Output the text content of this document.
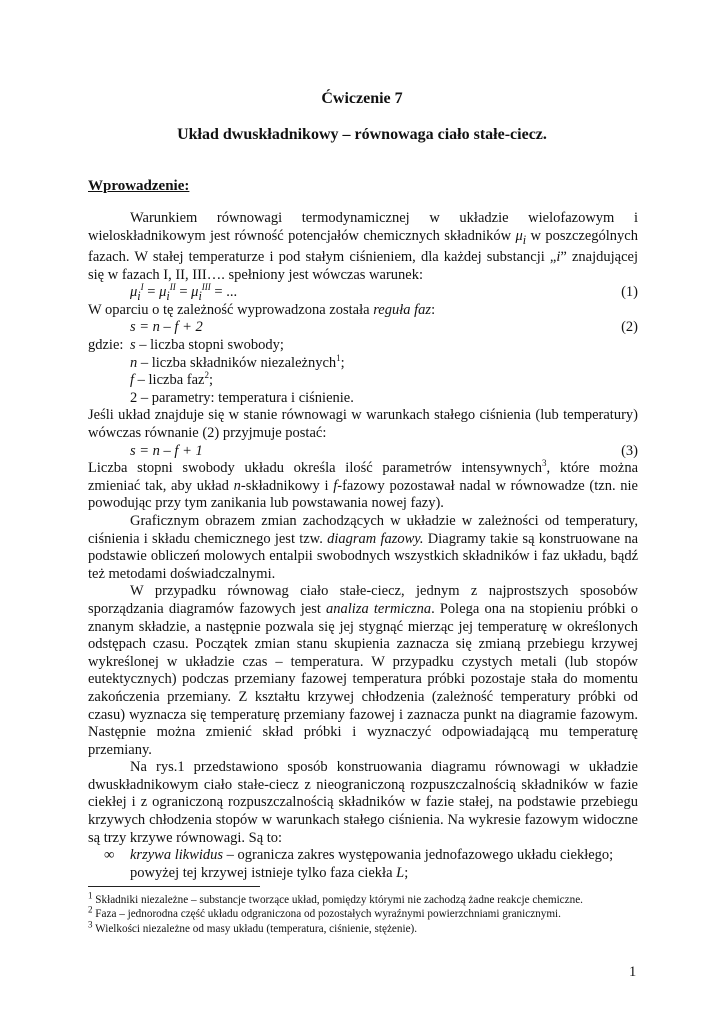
Ćwiczenie 7
Układ dwuskładnikowy – równowaga ciało stałe-ciecz.
Wprowadzenie:

Warunkiem równowagi termodynamicznej w układzie wielofazowym i wieloskładnikowym jest równość potencjałów chemicznych składników $\mu_i$ w poszczególnych fazach. W stałej temperaturze i pod stałym ciśnieniem, dla każdej substancji „i” znajdującej się w fazach I, II, III…. spełniony jest wówczas warunek:

$\mu_i^I = \mu_i^{II} = \mu_i^{III}$ = ...	(1)

W oparciu o tę zależność wyprowadzona została reguła faz:

s = n – f + 2	(2)
gdzie: s – liczba stopni swobody;
n – liczba składników niezależnych$^1$;
f – liczba faz$^2$;
2 – parametry: temperatura i ciśnienie.

Jeśli układ znajduje się w stanie równowagi w warunkach stałego ciśnienia (lub temperatury) wówczas równanie (2) przyjmuje postać:

s = n – f + 1	(3)

Liczba stopni swobody układu określa ilość parametrów intensywnych$^3$, które można zmieniać tak, aby układ n-składnikowy i f-fazowy pozostawał nadal w równowadze (tzn. nie powodując przy tym zanikania lub powstawania nowej fazy).

Graficznym obrazem zmian zachodzących w układzie w zależności od temperatury, ciśnienia i składu chemicznego jest tzw. diagram fazowy. Diagramy takie są konstruowane na podstawie obliczeń molowych entalpii swobodnych wszystkich składników i faz układu, bądź też metodami doświadczalnymi.

W przypadku równowag ciało stałe-ciecz, jednym z najprostszych sposobów sporządzania diagramów fazowych jest analiza termiczna. Polega ona na stopieniu próbki o znanym składzie, a następnie pozwala się jej stygnąć mierząc jej temperaturę w określonych odstępach czasu. Początek zmian stanu skupienia zaznacza się zmianą przebiegu krzywej wykreślonej w układzie czas – temperatura. W przypadku czystych metali (lub stopów eutektycznych) podczas przemiany fazowej temperatura próbki pozostaje stała do momentu zakończenia przemiany. Z kształtu krzywej chłodzenia (zależność temperatury próbki od czasu) wyznacza się temperaturę przemiany fazowej i zaznacza punkt na diagramie fazowym. Następnie można zmienić skład próbki i wyznaczyć odpowiadającą mu temperaturę przemiany.

Na rys.1 przedstawiono sposób konstruowania diagramu równowagi w układzie dwuskładnikowym ciało stałe-ciecz z nieograniczoną rozpuszczalnością składników w fazie ciekłej i z ograniczoną rozpuszczalnością składników w fazie stałej, na podstawie przebiegu krzywych chłodzenia stopów w warunkach stałego ciśnienia. Na wykresie fazowym widoczne są trzy krzywe równowagi. Są to:

∞ krzywa likwidus – ogranicza zakres występowania jednofazowego układu ciekłego; powyżej tej krzywej istnieje tylko faza ciekła L;
$^1$ Składniki niezależne – substancje tworzące układ, pomiędzy którymi nie zachodzą żadne reakcje chemiczne.
$^2$ Faza – jednorodna część układu odgraniczona od pozostałych wyraźnymi powierzchniami granicznymi.
$^3$ Wielkości niezależne od masy układu (temperatura, ciśnienie, stężenie).
1
